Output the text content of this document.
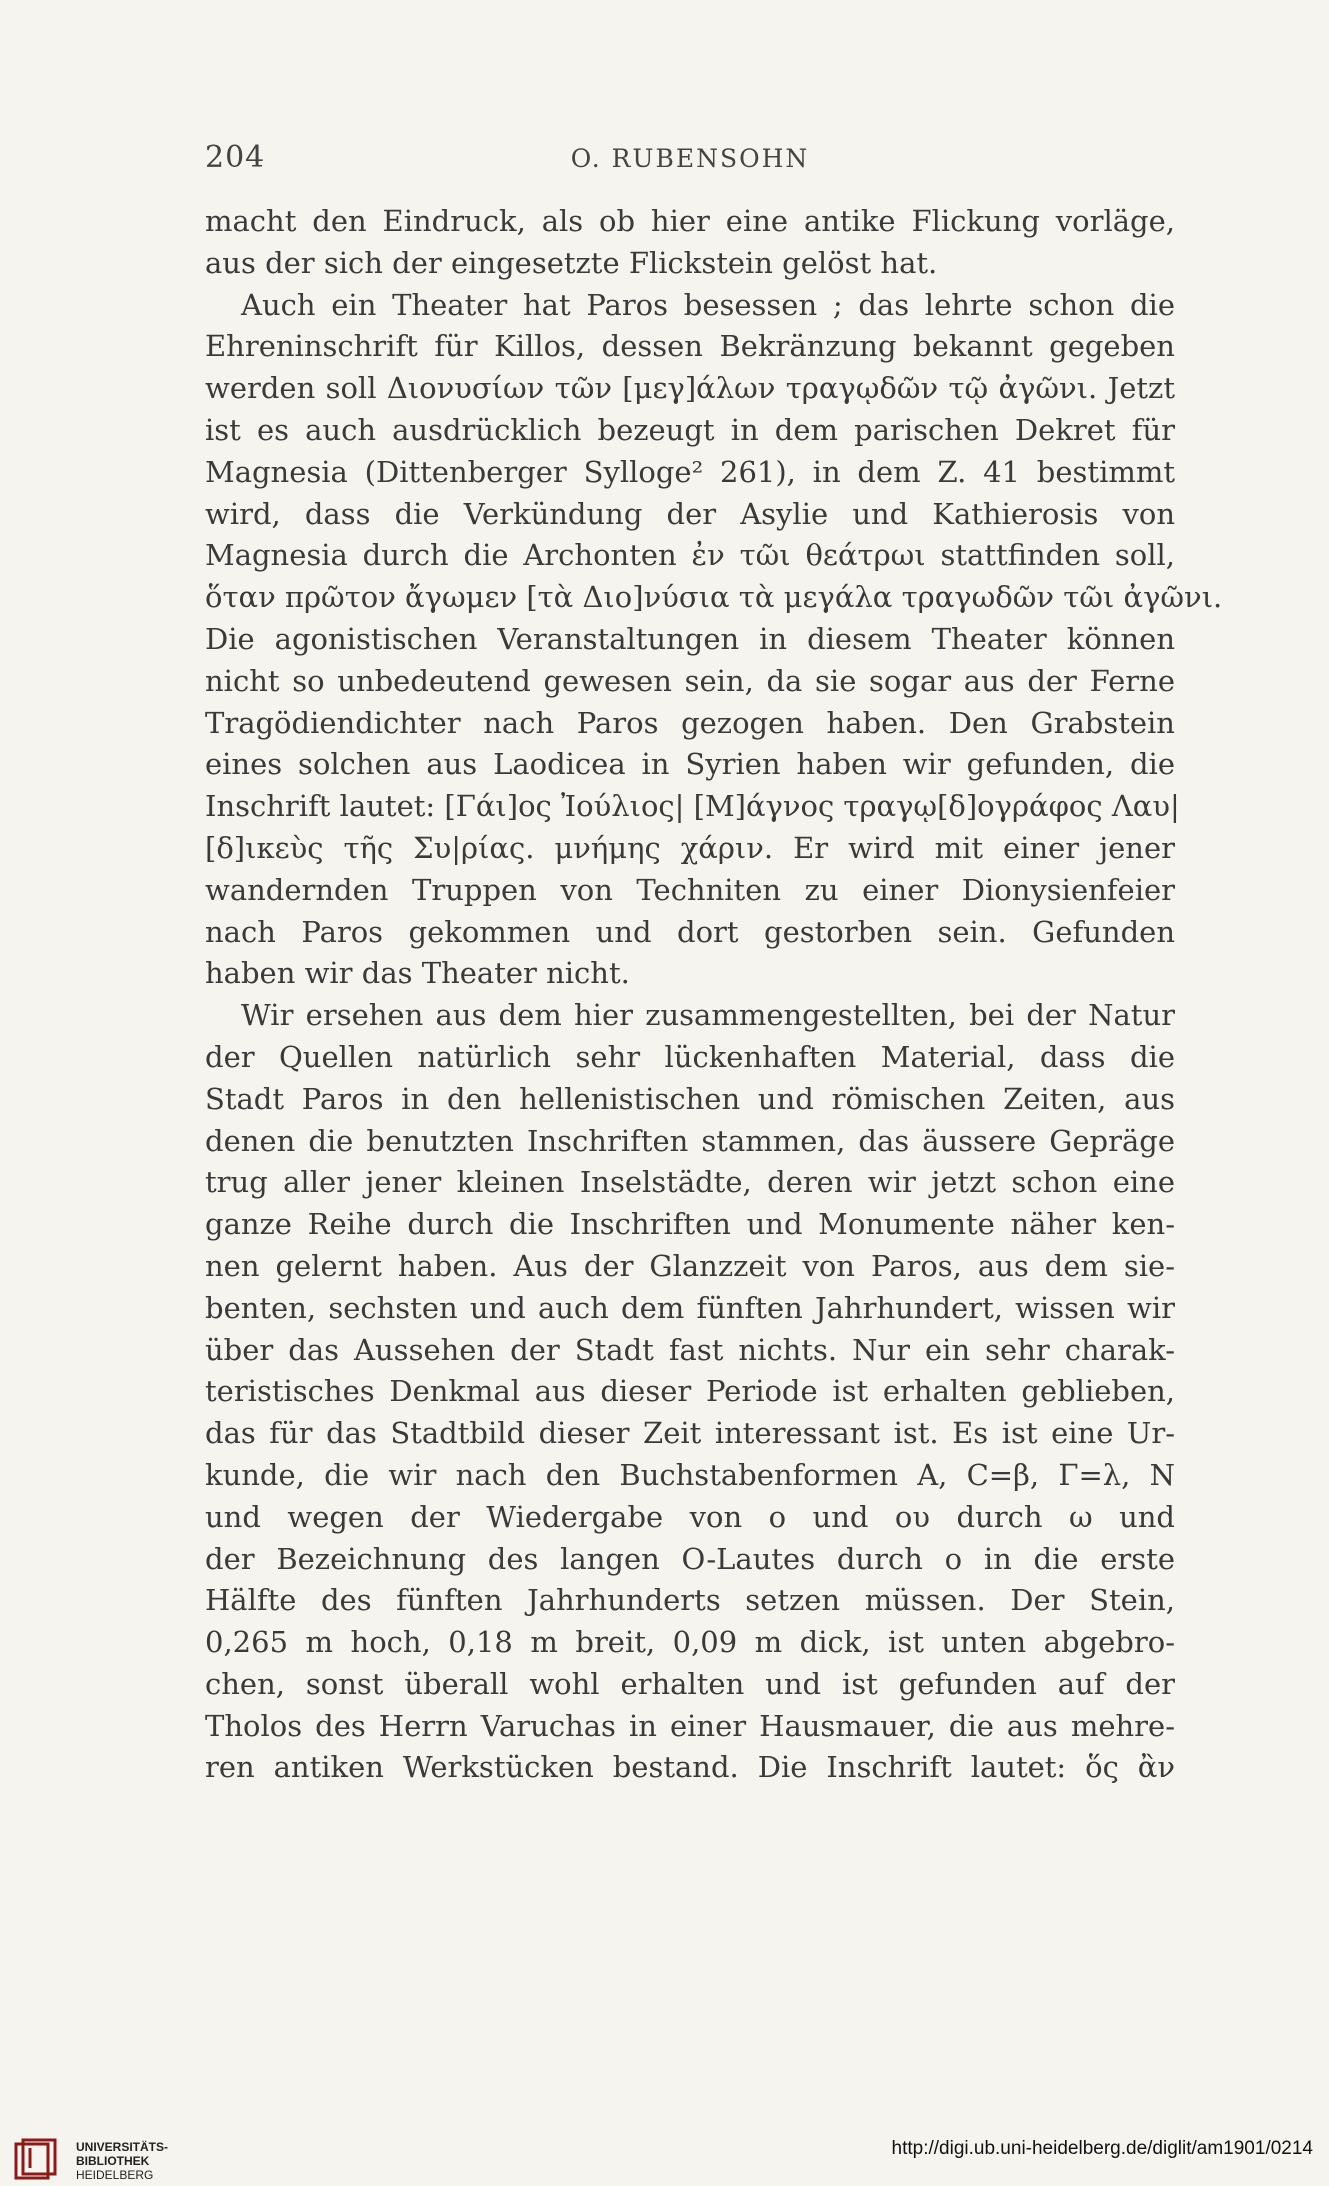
204	O. RUBENSOHN
macht den Eindruck, als ob hier eine antike Flickung vorläge,
aus der sich der eingesetzte Flickstein gelöst hat.
Auch ein Theater hat Paros besessen ; das lehrte schon die
Ehreninschrift für Killos, dessen Bekränzung bekannt gegeben
werden soll Διονυσίων τῶν [μεγ]άλων τραγῳδῶν τῷ ἀγῶνι. Jetzt
ist es auch ausdrücklich bezeugt in dem parischen Dekret für
Magnesia (Dittenberger Sylloge² 261), in dem Z. 41 bestimmt
wird, dass die Verkündung der Asylie und Kathierosis von
Magnesia durch die Archonten ἐν τῶι θεάτρωι stattfinden soll,
ὅταν πρῶτον ἄγωμεν [τὰ Διο]νύσια τὰ μεγάλα τραγωδῶν τῶι ἀγῶνι.
Die agonistischen Veranstaltungen in diesem Theater können
nicht so unbedeutend gewesen sein, da sie sogar aus der Ferne
Tragödiendichter nach Paros gezogen haben. Den Grabstein
eines solchen aus Laodicea in Syrien haben wir gefunden, die
Inschrift lautet: [Γάι]ος Ἰούλιος| [Μ]άγνος τραγῳ[δ]ογράφος Λαυ|
[δ]ικεὺς τῆς Συ|ρίας. μνήμης χάριν. Er wird mit einer jener
wandernden Truppen von Techniten zu einer Dionysienfeier
nach Paros gekommen und dort gestorben sein. Gefunden
haben wir das Theater nicht.
Wir ersehen aus dem hier zusammengestellten, bei der Natur
der Quellen natürlich sehr lückenhaften Material, dass die
Stadt Paros in den hellenistischen und römischen Zeiten, aus
denen die benutzten Inschriften stammen, das äussere Gepräge
trug aller jener kleinen Inselstädte, deren wir jetzt schon eine
ganze Reihe durch die Inschriften und Monumente näher ken-
nen gelernt haben. Aus der Glanzzeit von Paros, aus dem sie-
benten, sechsten und auch dem fünften Jahrhundert, wissen wir
über das Aussehen der Stadt fast nichts. Nur ein sehr charak-
teristisches Denkmal aus dieser Periode ist erhalten geblieben,
das für das Stadtbild dieser Zeit interessant ist. Es ist eine Ur-
kunde, die wir nach den Buchstabenformen A, C=β, Γ=λ, N
und wegen der Wiedergabe von o und ου durch ω und
der Bezeichnung des langen O-Lautes durch o in die erste
Hälfte des fünften Jahrhunderts setzen müssen. Der Stein,
0,265 m hoch, 0,18 m breit, 0,09 m dick, ist unten abgebro-
chen, sonst überall wohl erhalten und ist gefunden auf der
Tholos des Herrn Varuchas in einer Hausmauer, die aus mehre-
ren antiken Werkstücken bestand. Die Inschrift lautet: ὅς ἂν
UNIVERSITÄTS-
BIBLIOTHEK
HEIDELBERG
http://digi.ub.uni-heidelberg.de/diglit/am1901/0214
